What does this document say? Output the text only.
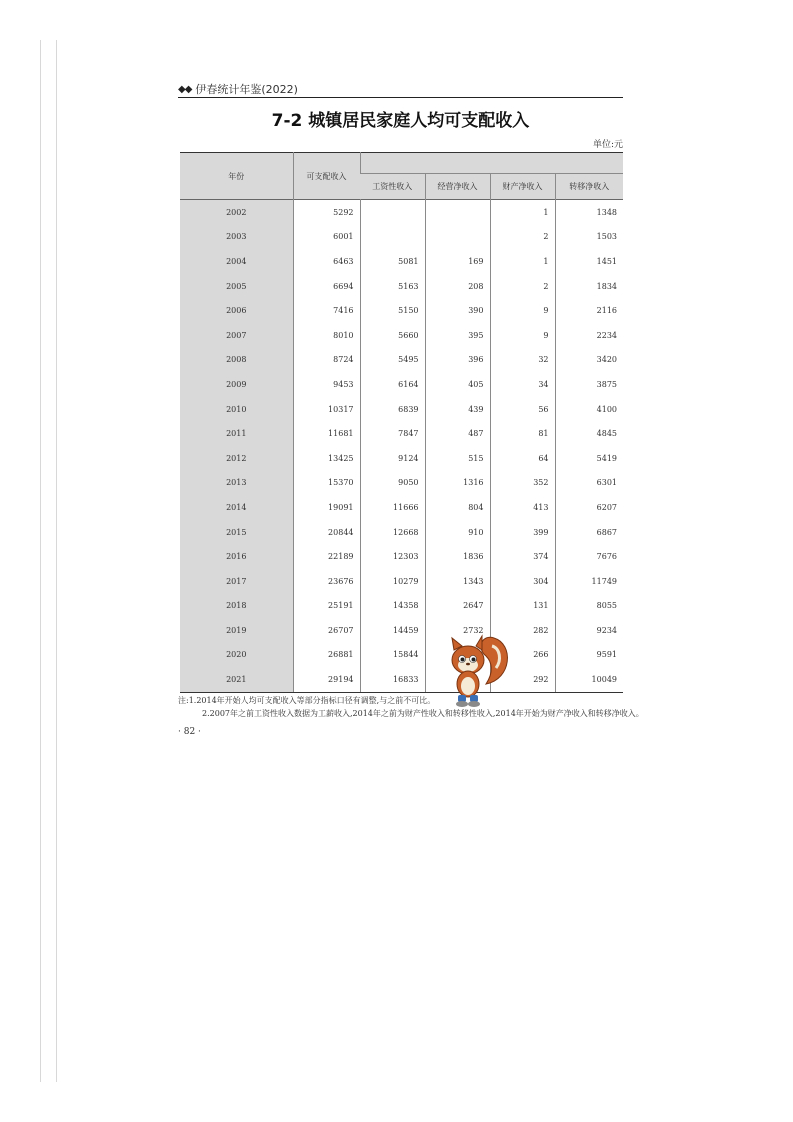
◆◆ 伊春统计年鉴(2022)
7-2 城镇居民家庭人均可支配收入
单位:元
年份	可支配收入				
		工资性收入	经营净收入	财产净收入	转移净收入
2002	5292			1	1348
2003	6001			2	1503
2004	6463	5081	169	1	1451
2005	6694	5163	208	2	1834
2006	7416	5150	390	9	2116
2007	8010	5660	395	9	2234
2008	8724	5495	396	32	3420
2009	9453	6164	405	34	3875
2010	10317	6839	439	56	4100
2011	11681	7847	487	81	4845
2012	13425	9124	515	64	5419
2013	15370	9050	1316	352	6301
2014	19091	11666	804	413	6207
2015	20844	12668	910	399	6867
2016	22189	12303	1836	374	7676
2017	23676	10279	1343	304	11749
2018	25191	14358	2647	131	8055
2019	26707	14459	2732	282	9234
2020	26881	15844		266	9591
2021	29194	16833		292	10049
注:1.2014年开始人均可支配收入等部分指标口径有调整,与之前不可比。
2.2007年之前工资性收入数据为工薪收入,2014年之前为财产性收入和转移性收入,2014年开始为财产净收入和转移净收入。
· 82 ·
